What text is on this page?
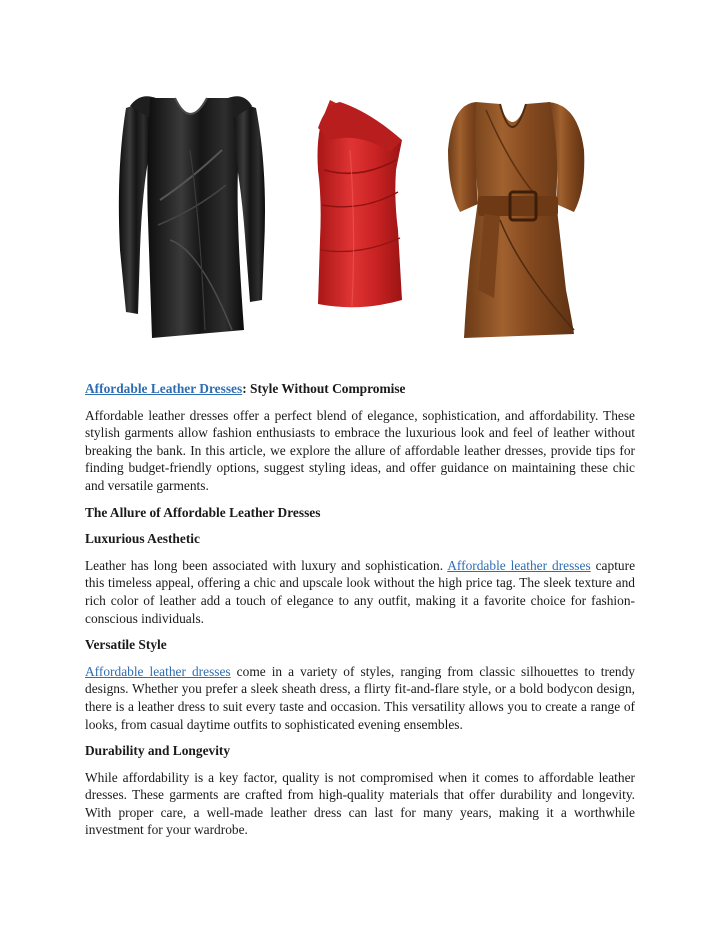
Affordable Leather Dresses: Style Without Compromise

Affordable leather dresses offer a perfect blend of elegance, sophistication, and affordability. These stylish garments allow fashion enthusiasts to embrace the luxurious look and feel of leather without breaking the bank. In this article, we explore the allure of affordable leather dresses, provide tips for finding budget-friendly options, suggest styling ideas, and offer guidance on maintaining these chic and versatile garments.

The Allure of Affordable Leather Dresses
Luxurious Aesthetic

Leather has long been associated with luxury and sophistication. Affordable leather dresses capture this timeless appeal, offering a chic and upscale look without the high price tag. The sleek texture and rich color of leather add a touch of elegance to any outfit, making it a favorite choice for fashion-conscious individuals.

Versatile Style

Affordable leather dresses come in a variety of styles, ranging from classic silhouettes to trendy designs. Whether you prefer a sleek sheath dress, a flirty fit-and-flare style, or a bold bodycon design, there is a leather dress to suit every taste and occasion. This versatility allows you to create a range of looks, from casual daytime outfits to sophisticated evening ensembles.

Durability and Longevity

While affordability is a key factor, quality is not compromised when it comes to affordable leather dresses. These garments are crafted from high-quality materials that offer durability and longevity. With proper care, a well-made leather dress can last for many years, making it a worthwhile investment for your wardrobe.
